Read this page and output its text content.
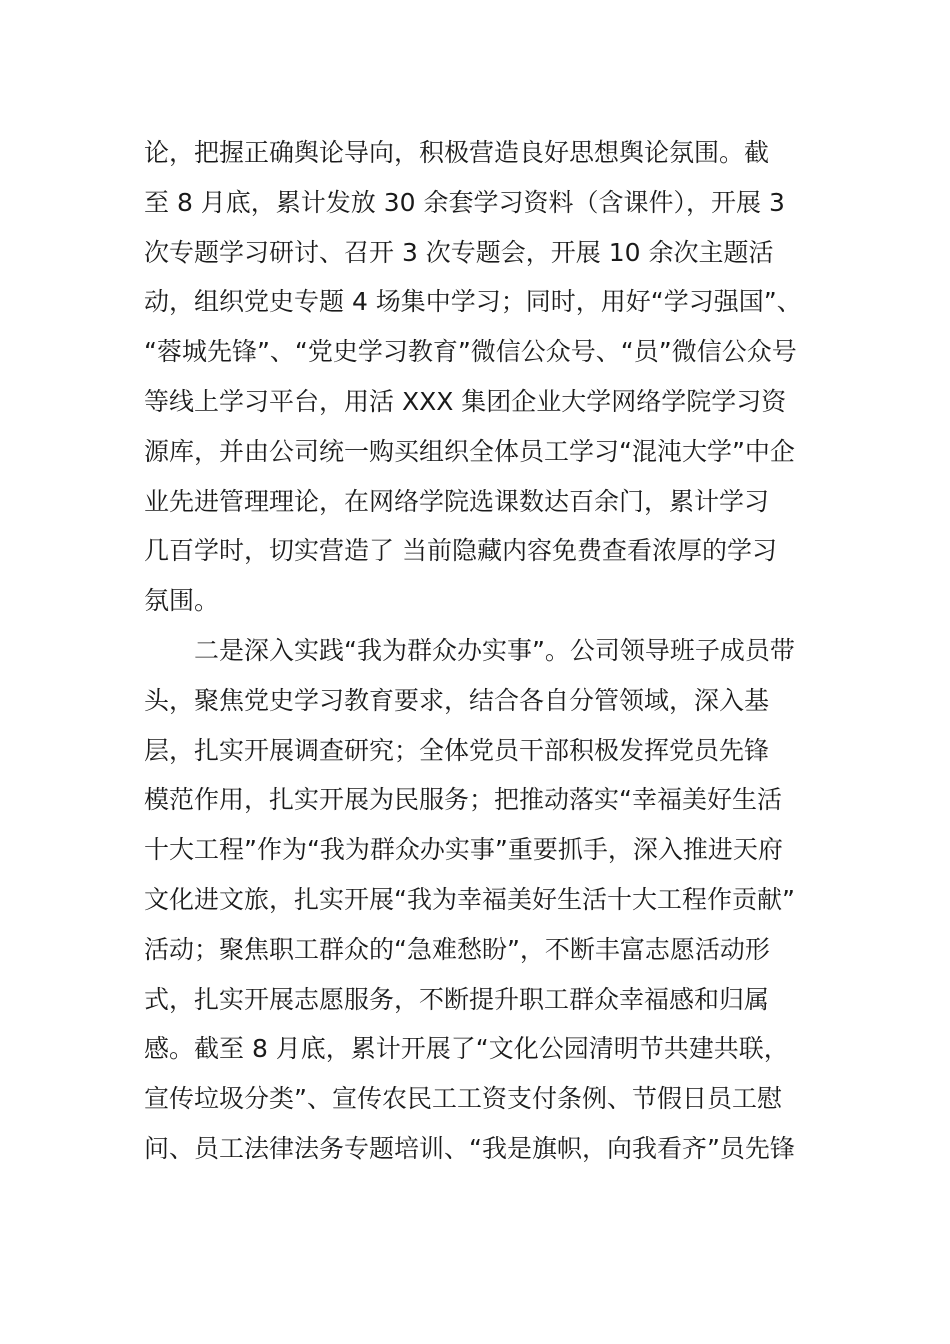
论，把握正确舆论导向，积极营造良好思想舆论氛围。截
至 8 月底，累计发放 30 余套学习资料（含课件），开展 3
次专题学习研讨、召开 3 次专题会，开展 10 余次主题活
动，组织党史专题 4 场集中学习；同时，用好“学习强国”、
“蓉城先锋”、“党史学习教育”微信公众号、“员”微信公众号
等线上学习平台，用活 XXX 集团企业大学网络学院学习资
源库，并由公司统一购买组织全体员工学习“混沌大学”中企
业先进管理理论，在网络学院选课数达百余门，累计学习
几百学时，切实营造了 当前隐藏内容免费查看浓厚的学习
氛围。
　　二是深入实践“我为群众办实事”。公司领导班子成员带
头，聚焦党史学习教育要求，结合各自分管领域，深入基
层，扎实开展调查研究；全体党员干部积极发挥党员先锋
模范作用，扎实开展为民服务；把推动落实“幸福美好生活
十大工程”作为“我为群众办实事”重要抓手，深入推进天府
文化进文旅，扎实开展“我为幸福美好生活十大工程作贡献”
活动；聚焦职工群众的“急难愁盼”，不断丰富志愿活动形
式，扎实开展志愿服务，不断提升职工群众幸福感和归属
感。截至 8 月底，累计开展了“文化公园清明节共建共联，
宣传垃圾分类”、宣传农民工工资支付条例、节假日员工慰
问、员工法律法务专题培训、“我是旗帜，向我看齐”员先锋
